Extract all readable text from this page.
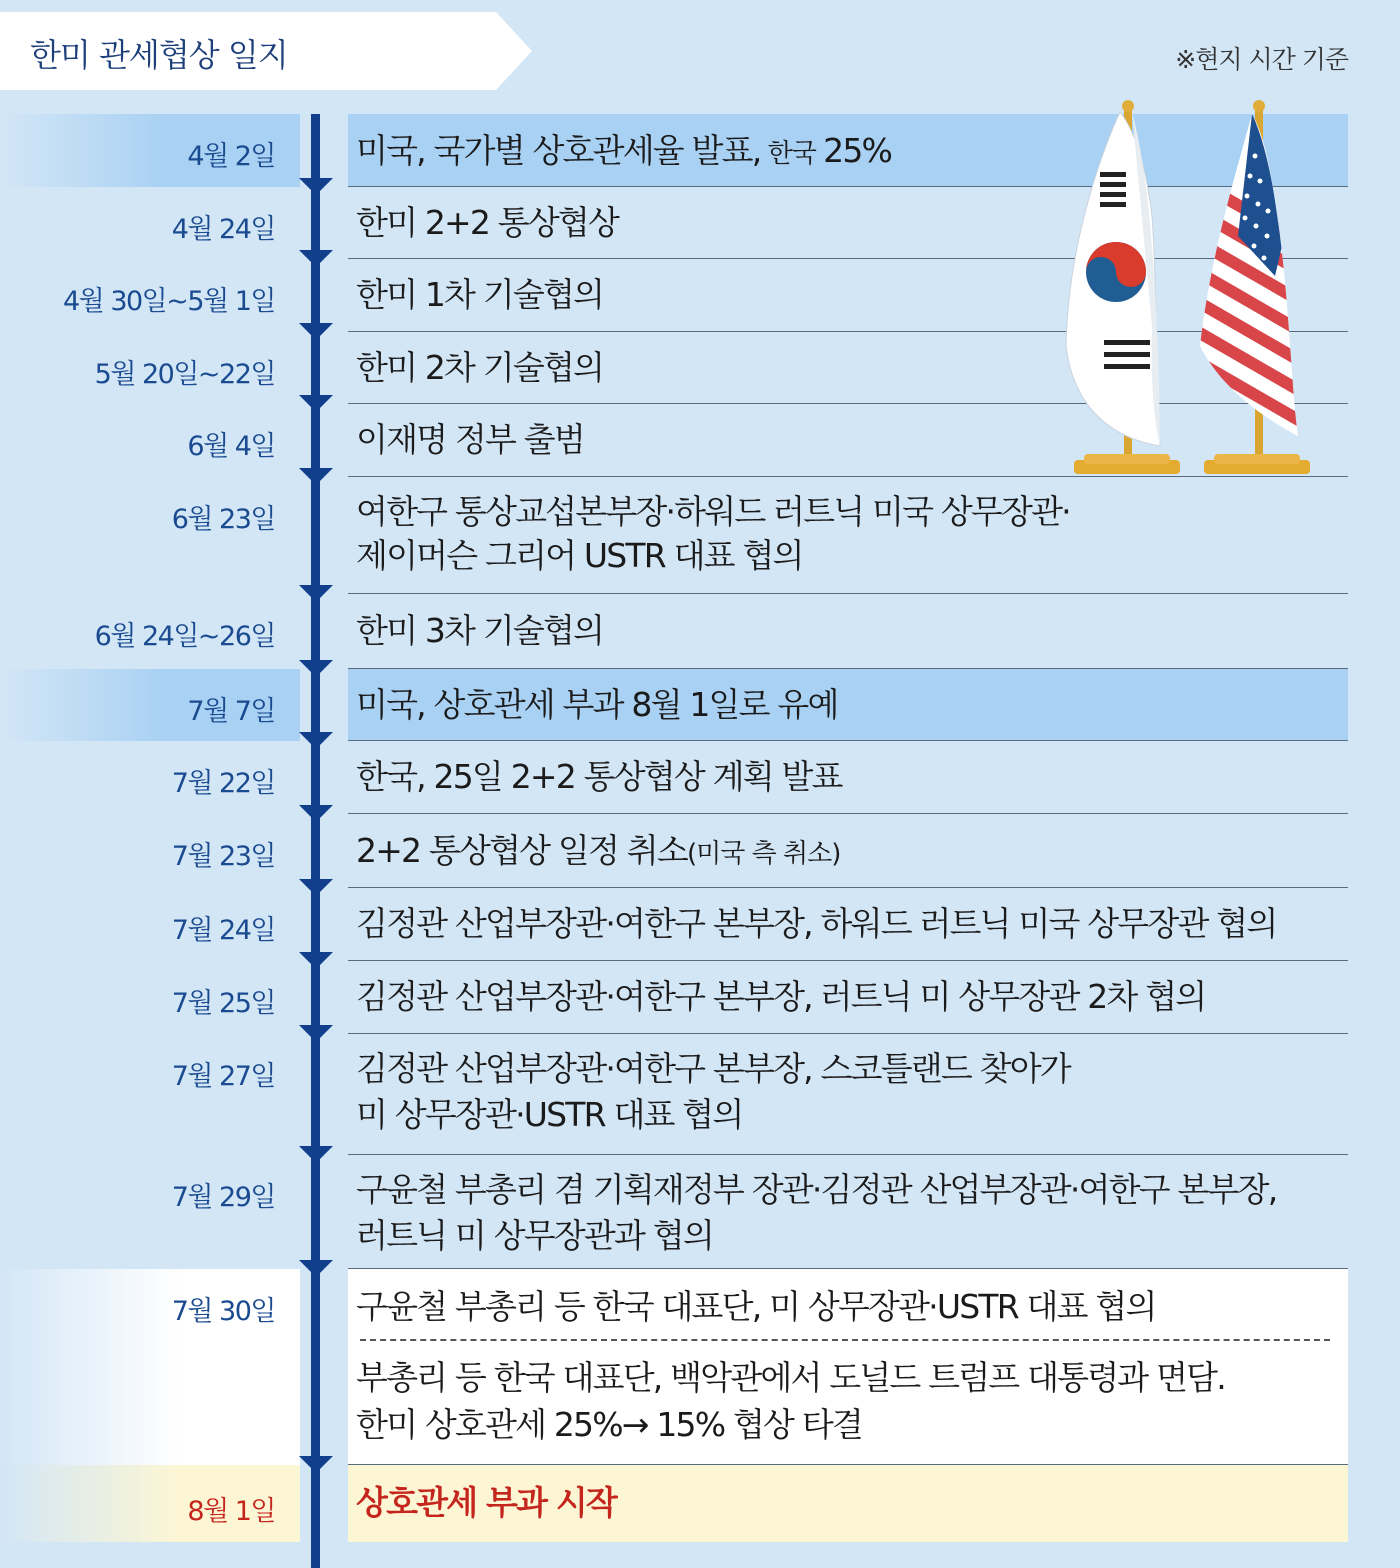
한미 관세협상 일지	※현지 시간 기준
4월 2일 미국, 국가별 상호관세율 발표, 한국 25%
4월 24일 한미 2+2 통상협상
4월 30일~5월 1일 한미 1차 기술협의
5월 20일~22일 한미 2차 기술협의
6월 4일 이재명 정부 출범
6월 23일 여한구 통상교섭본부장·하워드 러트닉 미국 상무장관·
제이머슨 그리어 USTR 대표 협의
6월 24일~26일 한미 3차 기술협의
7월 7일 미국, 상호관세 부과 8월 1일로 유예
7월 22일 한국, 25일 2+2 통상협상 계획 발표
7월 23일 2+2 통상협상 일정 취소(미국 측 취소)
7월 24일 김정관 산업부장관·여한구 본부장, 하워드 러트닉 미국 상무장관 협의
7월 25일 김정관 산업부장관·여한구 본부장, 러트닉 미 상무장관 2차 협의
7월 27일 김정관 산업부장관·여한구 본부장, 스코틀랜드 찾아가
미 상무장관·USTR 대표 협의
7월 29일 구윤철 부총리 겸 기획재정부 장관·김정관 산업부장관·여한구 본부장,
러트닉 미 상무장관과 협의
7월 30일 구윤철 부총리 등 한국 대표단, 미 상무장관·USTR 대표 협의
부총리 등 한국 대표단, 백악관에서 도널드 트럼프 대통령과 면담.
한미 상호관세 25%→ 15% 협상 타결
8월 1일 상호관세 부과 시작
